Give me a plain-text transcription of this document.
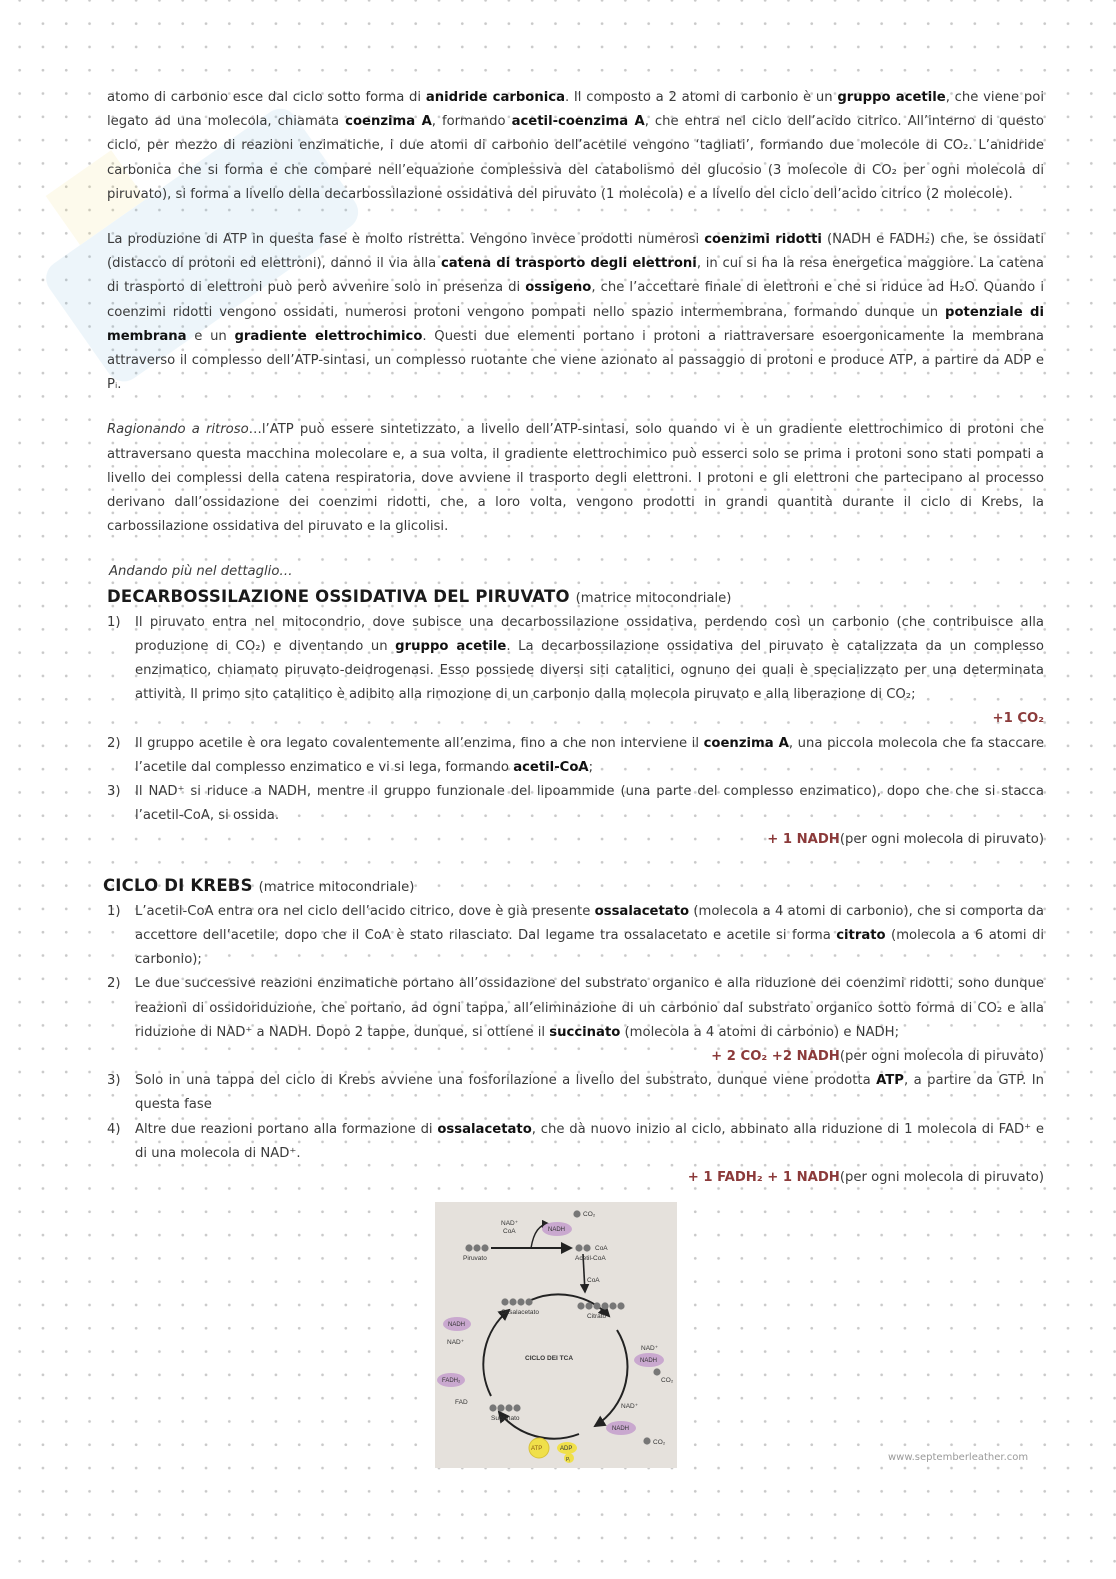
atomo di carbonio esce dal ciclo sotto forma di anidride carbonica. Il composto a 2 atomi di carbonio è un gruppo acetile, che viene poi legato ad una molecola, chiamata coenzima A, formando acetil-coenzima A, che entra nel ciclo dell’acido citrico. All’interno di questo ciclo, per mezzo di reazioni enzimatiche, i due atomi di carbonio dell’acetile vengono ‘tagliati’, formando due molecole di CO₂. L’anidride carbonica che si forma e che compare nell’equazione complessiva del catabolismo del glucosio (3 molecole di CO₂ per ogni molecola di piruvato), si forma a livello della decarbossilazione ossidativa del piruvato (1 molecola) e a livello del ciclo dell’acido citrico (2 molecole).

La produzione di ATP in questa fase è molto ristretta. Vengono invece prodotti numerosi coenzimi ridotti (NADH e FADH₂) che, se ossidati (distacco di protoni ed elettroni), danno il via alla catena di trasporto degli elettroni, in cui si ha la resa energetica maggiore. La catena di trasporto di elettroni può però avvenire solo in presenza di ossigeno, che l’accettare finale di elettroni e che si riduce ad H₂O. Quando i coenzimi ridotti vengono ossidati, numerosi protoni vengono pompati nello spazio intermembrana, formando dunque un potenziale di membrana e un gradiente elettrochimico. Questi due elementi portano i protoni a riattraversare esoergonicamente la membrana attraverso il complesso dell’ATP-sintasi, un complesso ruotante che viene azionato al passaggio di protoni e produce ATP, a partire da ADP e Pᵢ.

Ragionando a ritroso…l’ATP può essere sintetizzato, a livello dell’ATP-sintasi, solo quando vi è un gradiente elettrochimico di protoni che attraversano questa macchina molecolare e, a sua volta, il gradiente elettrochimico può esserci solo se prima i protoni sono stati pompati a livello dei complessi della catena respiratoria, dove avviene il trasporto degli elettroni. I protoni e gli elettroni che partecipano al processo derivano dall’ossidazione dei coenzimi ridotti, che, a loro volta, vengono prodotti in grandi quantità durante il ciclo di Krebs, la carbossilazione ossidativa del piruvato e la glicolisi.

Andando più nel dettaglio…
DECARBOSSILAZIONE OSSIDATIVA DEL PIRUVATO (matrice mitocondriale)
1) Il piruvato entra nel mitocondrio, dove subisce una decarbossilazione ossidativa, perdendo così un carbonio (che contribuisce alla produzione di CO₂) e diventando un gruppo acetile. La decarbossilazione ossidativa del piruvato è catalizzata da un complesso enzimatico, chiamato piruvato-deidrogenasi. Esso possiede diversi siti catalitici, ognuno dei quali è specializzato per una determinata attività. Il primo sito catalitico è adibito alla rimozione di un carbonio dalla molecola piruvato e alla liberazione di CO₂;
+1 CO₂
2) Il gruppo acetile è ora legato covalentemente all’enzima, fino a che non interviene il coenzima A, una piccola molecola che fa staccare l’acetile dal complesso enzimatico e vi si lega, formando acetil-CoA;
3) Il NAD⁺ si riduce a NADH, mentre il gruppo funzionale del lipoammide (una parte del complesso enzimatico), dopo che che si stacca l’acetil-CoA, si ossida.
+ 1 NADH (per ogni molecola di piruvato)
CICLO DI KREBS (matrice mitocondriale)
1) L’acetil-CoA entra ora nel ciclo dell’acido citrico, dove è già presente ossalacetato (molecola a 4 atomi di carbonio), che si comporta da accettore dell’acetile, dopo che il CoA è stato rilasciato. Dal legame tra ossalacetato e acetile si forma citrato (molecola a 6 atomi di carbonio);
2) Le due successive reazioni enzimatiche portano all’ossidazione del substrato organico e alla riduzione dei coenzimi ridotti, sono dunque reazioni di ossidoriduzione, che portano, ad ogni tappa, all’eliminazione di un carbonio dal substrato organico sotto forma di CO₂ e alla riduzione di NAD⁺ a NADH. Dopo 2 tappe, dunque, si ottiene il succinato (molecola a 4 atomi di carbonio) e NADH;
+ 2 CO₂ +2 NADH (per ogni molecola di piruvato)
3) Solo in una tappa del ciclo di Krebs avviene una fosforilazione a livello del substrato, dunque viene prodotta ATP, a partire da GTP. In questa fase
4) Altre due reazioni portano alla formazione di ossalacetato, che dà nuovo inizio al ciclo, abbinato alla riduzione di 1 molecola di FAD⁺ e di una molecola di NAD⁺.
+ 1 FADH₂ + 1 NADH (per ogni molecola di piruvato)
CO₂
NAD⁺
CoA	NADH
Piruvato
CoA
Acetil-CoA
CoA
Ossalacetato
Citrato
NADH
NAD⁺
NAD⁺
NADH
CO₂
FADH₂
FAD
Succinato
NAD⁺
NADH
CO₂
ATP	ADP
Pᵢ
CICLO DEI TCA
www.septemberleather.com
